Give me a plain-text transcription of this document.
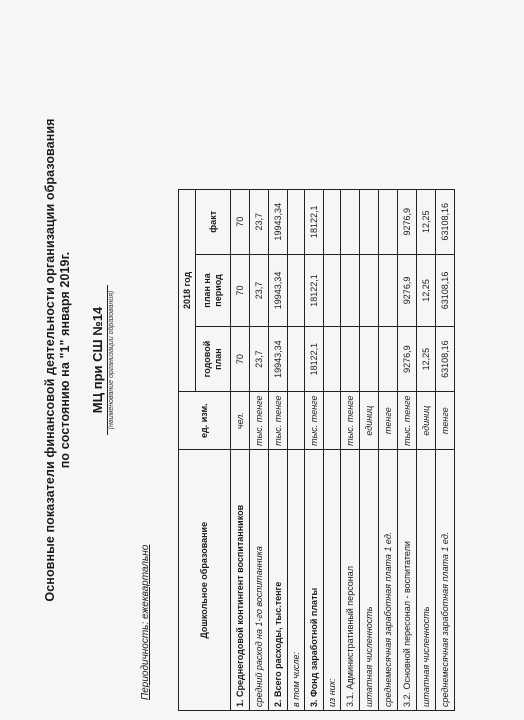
Основные показатели финансовой деятельности организации образования по состоянию на "1" января 2019г. МЦ при СШ №14 (наименование организации образования)
Периодичность: ежеквартально	Дошкольное образование	ед. изм.	2018 год		
		годовой план	план на период	факт
1. Среднегодовой контингент воспитанников	чел.	70	70	70
средний расход на 1-го воспитанника	тыс. тенге	23,7	23,7	23,7
2. Всего расходы, тыс.тенге	тыс. тенге	19943,34	19943,34	19943,34
в том числе:				
3. Фонд заработной платы	тыс. тенге	18122,1	18122,1	18122,1
из них:				
3.1. Административный персонал	тыс. тенге			
штатная численность	единиц			
среднемесячная заработная плата 1 ед.	тенге			
3.2. Основной пересонал - воспитатели	тыс. тенге	9276,9	9276,9	9276,9
штатная численность	единиц	12,25	12,25	12,25
среднемесячная заработная плата 1 ед.	тенге	63108,16	63108,16	63108,16
